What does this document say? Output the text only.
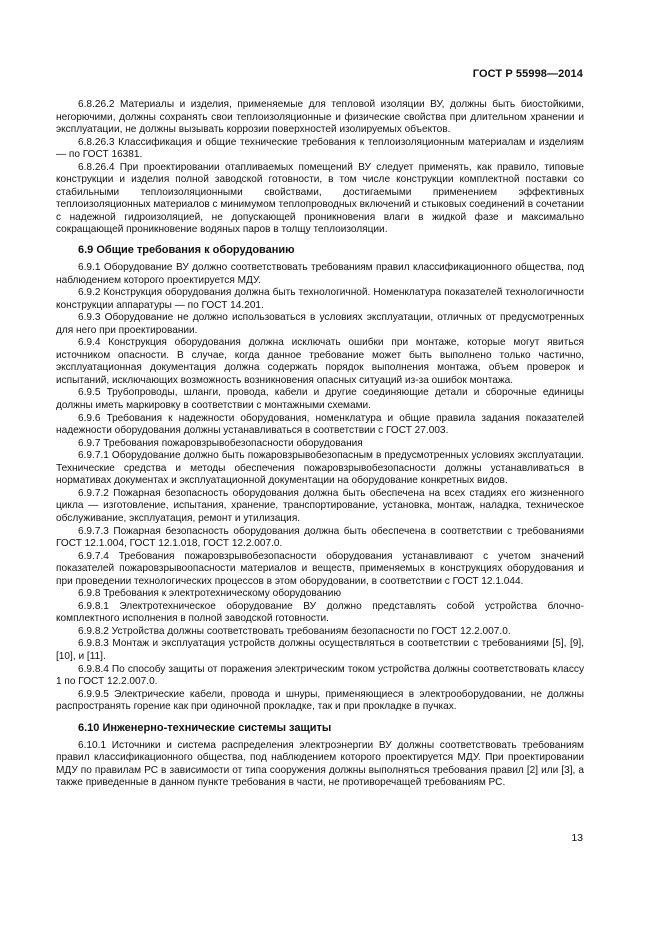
ГОСТ Р 55998—2014

6.8.26.2 Материалы и изделия, применяемые для тепловой изоляции ВУ, должны быть биостойкими, негорючими, должны сохранять свои теплоизоляционные и физические свойства при длительном хранении и эксплуатации, не должны вызывать коррозии поверхностей изолируемых объектов.

6.8.26.3 Классификация и общие технические требования к теплоизоляционным материалам и изделиям — по ГОСТ 16381.

6.8.26.4 При проектировании отапливаемых помещений ВУ следует применять, как правило, типовые конструкции и изделия полной заводской готовности, в том числе конструкции комплектной поставки со стабильными теплоизоляционными свойствами, достигаемыми применением эффективных теплоизоляционных материалов с минимумом теплопроводных включений и стыковых соединений в сочетании с надежной гидроизоляцией, не допускающей проникновения влаги в жидкой фазе и максимально сокращающей проникновение водяных паров в толщу теплоизоляции.

6.9 Общие требования к оборудованию

6.9.1 Оборудование ВУ должно соответствовать требованиям правил классификационного общества, под наблюдением которого проектируется МДУ.

6.9.2 Конструкция оборудования должна быть технологичной. Номенклатура показателей технологичности конструкции аппаратуры — по ГОСТ 14.201.

6.9.3 Оборудование не должно использоваться в условиях эксплуатации, отличных от предусмотренных для него при проектировании.

6.9.4 Конструкция оборудования должна исключать ошибки при монтаже, которые могут явиться источником опасности. В случае, когда данное требование может быть выполнено только частично, эксплуатационная документация должна содержать порядок выполнения монтажа, объем проверок и испытаний, исключающих возможность возникновения опасных ситуаций из-за ошибок монтажа.

6.9.5 Трубопроводы, шланги, провода, кабели и другие соединяющие детали и сборочные единицы должны иметь маркировку в соответствии с монтажными схемами.

6.9.6 Требования к надежности оборудования, номенклатура и общие правила задания показателей надежности оборудования должны устанавливаться в соответствии с ГОСТ 27.003.

6.9.7 Требования пожаровзрывобезопасности оборудования

6.9.7.1 Оборудование должно быть пожаровзрывобезопасным в предусмотренных условиях эксплуатации. Технические средства и методы обеспечения пожаровзрывобезопасности должны устанавливаться в нормативах документах и эксплуатационной документации на оборудование конкретных видов.

6.9.7.2 Пожарная безопасность оборудования должна быть обеспечена на всех стадиях его жизненного цикла — изготовление, испытания, хранение, транспортирование, установка, монтаж, наладка, техническое обслуживание, эксплуатация, ремонт и утилизация.

6.9.7.3 Пожарная безопасность оборудования должна быть обеспечена в соответствии с требованиями ГОСТ 12.1.004, ГОСТ 12.1.018, ГОСТ 12.2.007.0.

6.9.7.4 Требования пожаровзрывобезопасности оборудования устанавливают с учетом значений показателей пожаровзрывоопасности материалов и веществ, применяемых в конструкциях оборудования и при проведении технологических процессов в этом оборудовании, в соответствии с ГОСТ 12.1.044.

6.9.8 Требования к электротехническому оборудованию

6.9.8.1 Электротехническое оборудование ВУ должно представлять собой устройства блочно-комплектного исполнения в полной заводской готовности.

6.9.8.2 Устройства должны соответствовать требованиям безопасности по ГОСТ 12.2.007.0.

6.9.8.3 Монтаж и эксплуатация устройств должны осуществляться в соответствии с требованиями [5], [9], [10], и [11].

6.9.8.4 По способу защиты от поражения электрическим током устройства должны соответствовать классу 1 по ГОСТ 12.2.007.0.

6.9.9.5 Электрические кабели, провода и шнуры, применяющиеся в электрооборудовании, не должны распространять горение как при одиночной прокладке, так и при прокладке в пучках.

6.10 Инженерно-технические системы защиты

6.10.1 Источники и система распределения электроэнергии ВУ должны соответствовать требованиям правил классификационного общества, под наблюдением которого проектируется МДУ. При проектировании МДУ по правилам РС в зависимости от типа сооружения должны выполняться требования правил [2] или [3], а также приведенные в данном пункте требования в части, не противоречащей требованиям РС.

13
